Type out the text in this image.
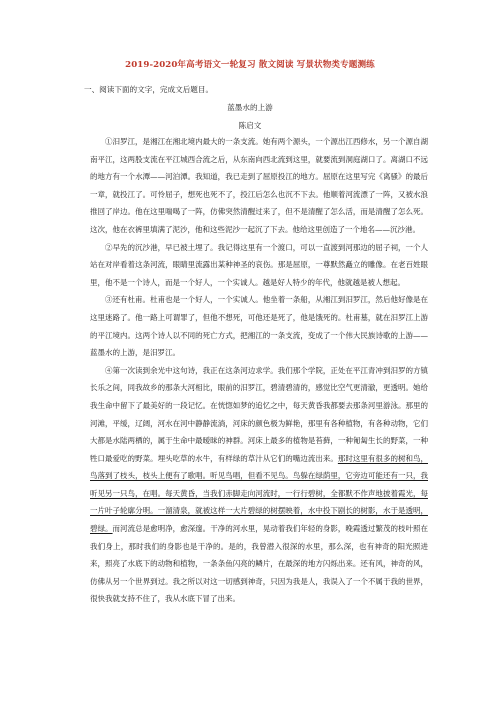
2019-2020年高考语文一轮复习 散文阅读 写景状物类专题测练
一、阅读下面的文字，完成文后题目。
蓝墨水的上游
陈启文

①汨罗江，是湘江在湘北境内最大的一条支流。她有两个源头，一个源出江西修水，另一个源自湖南平江，这两股支流在平江城西合流之后，从东南向西北流到这里，就要流到洞庭湖口了。离湖口不远的地方有一个水潭——河泊潭。我知道，我已走到了屈原投江的地方。屈原在这里写完《离骚》的最后一章，就投江了。可怜屈子，想死也死不了，投江后怎么也沉不下去。他顺着河流漂了一阵，又被水浪推回了岸边。他在这里喘喝了一阵，仿佛突然清醒过来了，但不是清醒了怎么活，而是清醒了怎么死。这次，他在衣裤里填满了泥沙，他和这些泥沙一起沉了下去。他给这里创造了一个地名——沉沙港。

②早先的沉沙港，早已被土埋了。我记得这里有一个渡口，可以一直渡到河那边的屈子祠，一个人站在对岸看着这条河流，眼睛里流露出某种神圣的哀伤。那是屈原，一尊默然矗立的雕像。在老百姓眼里，他不是一个诗人，而是一个好人，一个实诚人。越是好人特少的年代，他就越是被人想起。

③还有杜甫。杜甫也是一个好人，一个实诚人。他坐着一条船，从湘江到汨罗江，然后他好像是在这里迷路了。他一路上可谓罪了，但他不想死，可他还是死了，他是饿死的。杜甫墓，就在汨罗江上游的平江境内。这两个诗人以不同的死亡方式，把湘江的一条支流，变成了一个伟大民族诗歌的上游——蓝墨水的上游，是汨罗江。

④第一次读到余光中这句诗，我正在这条河边求学。我们那个学院，正处在平江青冲到汨罗的方镇长乐之间，同我故乡的那条大河相比，眼前的汨罗江，碧清碧清的，感觉比空气更清澈，更透明。她给我生命中留下了最美好的一段记忆。在恍惚如梦的追忆之中，每天黄昏我都要去那条河里游泳。那里的河滩，平缓，辽阔，河水在河中静静流淌，河床的颜色极为鲜艳，那里有各种植物，有各种动物，它们大都是水陆两栖的，属于生命中最暧昧的神群。河床上最多的植物是苔藓，一种匍匐生长的野菜，一种牲口最爱吃的野菜。埋头吃草的水牛，有样绿的草汁从它们的嘴边流出来。那时这里有很多的树和鸟，鸟落到了枝头，枝头上便有了歌唱。听见鸟唱，但看不见鸟。鸟躲在绿荫里，它旁边可能还有一只，我听见另一只鸟，在唱。每天黄昏，当我们赤脚走向河流时，一行行碧树，全都默不作声地披着霞光，每一片叶子轮廓分明。一溜清泉，就被这样一大片碧绿的树摆映着，水中投下剧长的树影，水于是透明，碧绿。而河流总是愈明净，愈深邃。干净的河水里，晃动着我们年轻的身影，晚霞透过繁茂的枝叶照在我们身上，那时我们的身影也是干净的。是的，我曾潜入很深的水里，那么深，也有神奇的阳光照进来，照亮了水底下的动物和植物，一条条鱼闪亮的鳞片，在最深的地方闪烁出来。还有风，神奇的风，仿佛从另一个世界到过。我之所以对这一切感到神奇，只因为我是人，我误入了一个不属于我的世界，很快我就支持不住了，我从水底下冒了出来。
